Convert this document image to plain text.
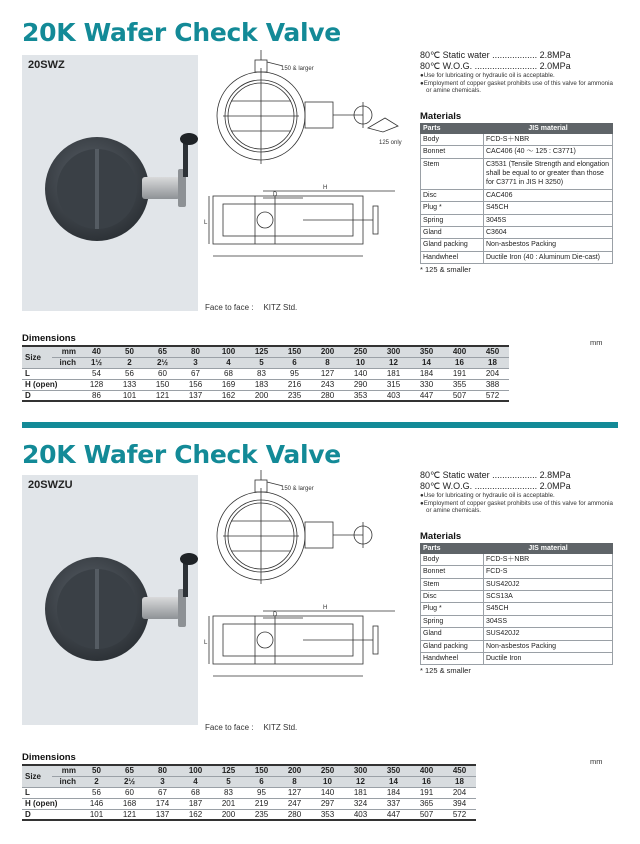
20K Wafer Check Valve
20SWZ	150 & larger
125 only
H
D
L
Face to face : KITZ Std.
80℃ Static water .................. 2.8MPa
80℃ W.O.G. ......................... 2.0MPa
●Use for lubricating or hydraulic oil is acceptable.
●Employment of copper gasket prohibits use of this valve for ammonia or amine chemicals.
Materials
Parts	JIS material
Body	FCD-S＋NBR
Bonnet	CAC406 (40 ～ 125 : C3771)
Stem	C3531 (Tensile Strength and elongation shall be equal to or greater than those for C3771 in JIS H 3250)
Disc	CAC406
Plug *	S45CH
Spring	3045S
Gland	C3604
Gland packing	Non-asbestos Packing
Handwheel	Ductile Iron (40 : Aluminum Die-cast)
* 125 & smaller
Dimensions	mm
Size	mm	40	50	65	80	100	125	150	200	250	300	350	400	450
	inch	1½	2	2½	3	4	5	6	8	10	12	14	16	18
L		54	56	60	67	68	83	95	127	140	181	184	191	204
H (open)		128	133	150	156	169	183	216	243	290	315	330	355	388
D		86	101	121	137	162	200	235	280	353	403	447	507	572
20K Wafer Check Valve
20SWZU	150 & larger
H
D
L
Face to face : KITZ Std.
80℃ Static water .................. 2.8MPa
80℃ W.O.G. ......................... 2.0MPa
●Use for lubricating or hydraulic oil is acceptable.
●Employment of copper gasket prohibits use of this valve for ammonia or amine chemicals.
Materials
Parts	JIS material
Body	FCD-S＋NBR
Bonnet	FCD-S
Stem	SUS420J2
Disc	SCS13A
Plug *	S45CH
Spring	304SS
Gland	SUS420J2
Gland packing	Non-asbestos Packing
Handwheel	Ductile Iron
* 125 & smaller
Dimensions	mm
Size	mm	50	65	80	100	125	150	200	250	300	350	400	450
	inch	2	2½	3	4	5	6	8	10	12	14	16	18
L		56	60	67	68	83	95	127	140	181	184	191	204
H (open)		146	168	174	187	201	219	247	297	324	337	365	394
D		101	121	137	162	200	235	280	353	403	447	507	572
